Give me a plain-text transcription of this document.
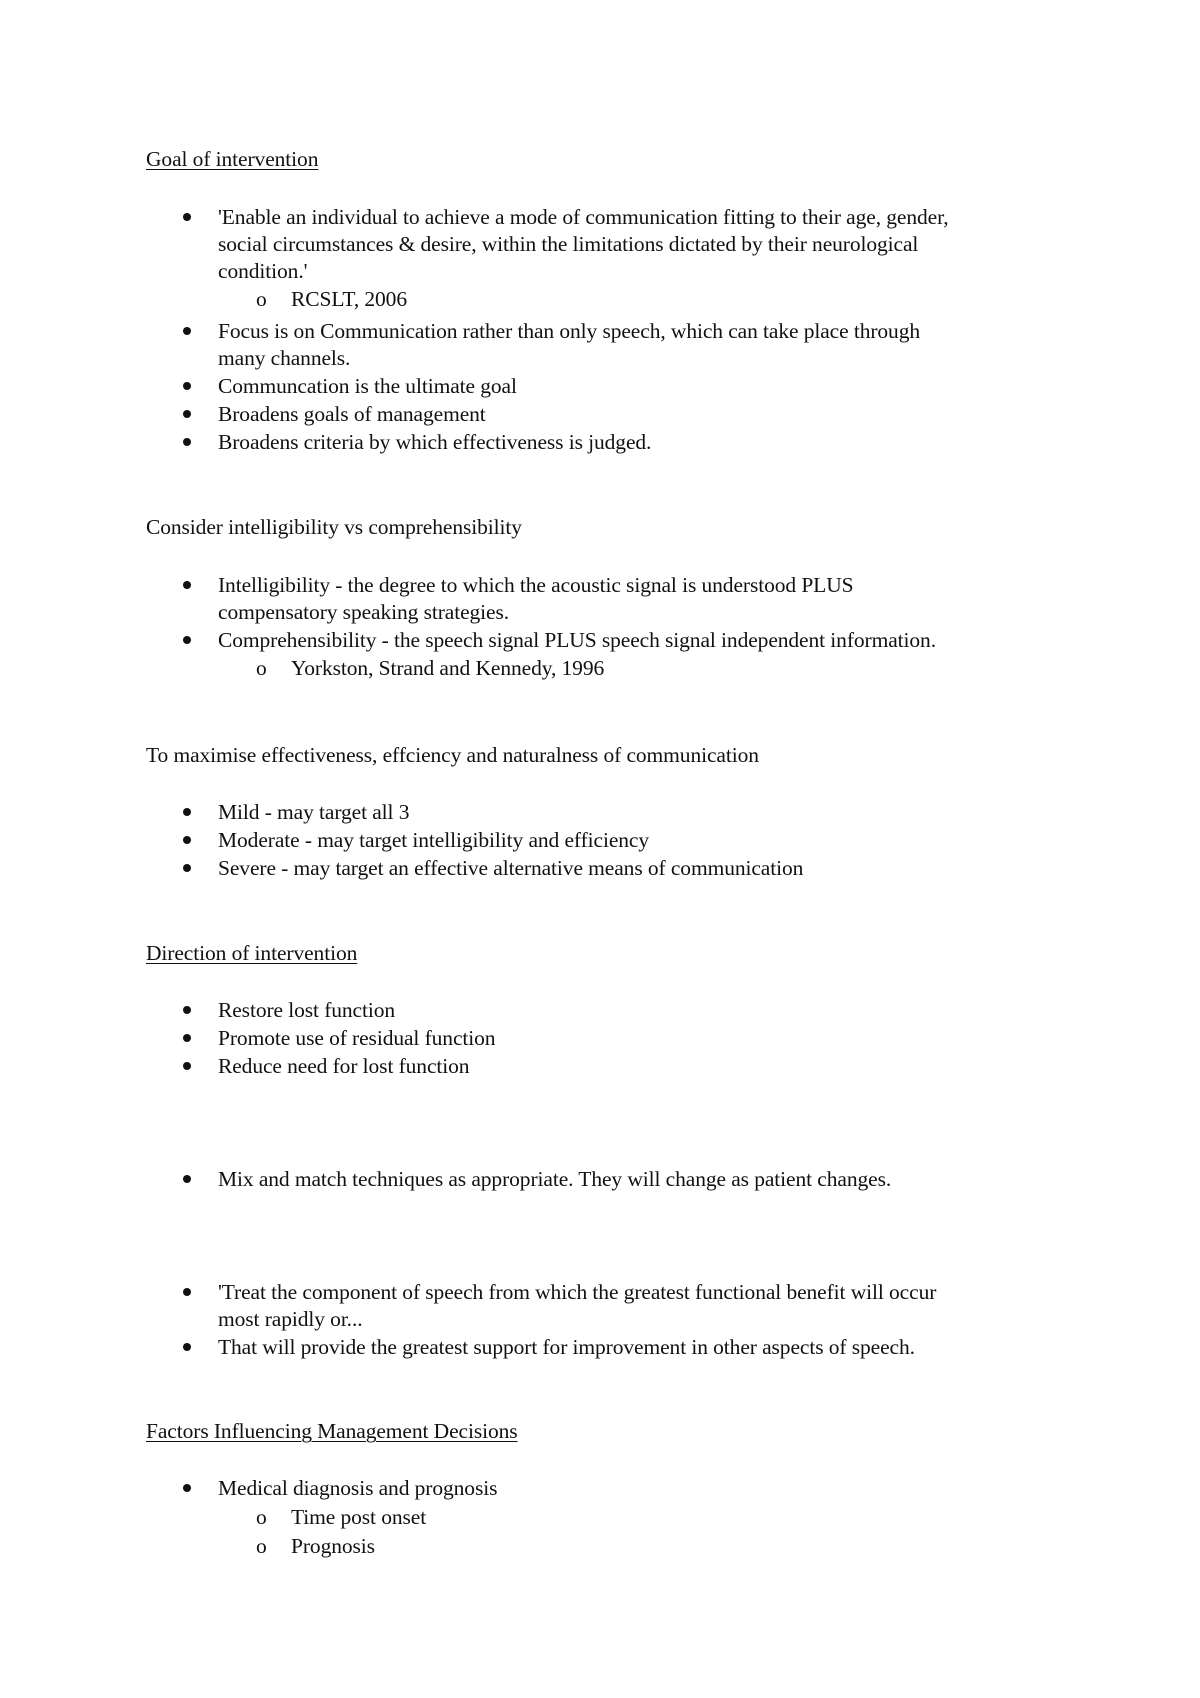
Goal of intervention
'Enable an individual to achieve a mode of communication fitting to their age, gender,
social circumstances & desire, within the limitations dictated by their neurological
condition.'
o RCSLT, 2006
Focus is on Communication rather than only speech, which can take place through
many channels.
Communcation is the ultimate goal
Broadens goals of management
Broadens criteria by which effectiveness is judged.
Consider intelligibility vs comprehensibility
Intelligibility - the degree to which the acoustic signal is understood PLUS
compensatory speaking strategies.
Comprehensibility - the speech signal PLUS speech signal independent information.
o Yorkston, Strand and Kennedy, 1996
To maximise effectiveness, effciency and naturalness of communication
Mild - may target all 3
Moderate - may target intelligibility and efficiency
Severe - may target an effective alternative means of communication
Direction of intervention
Restore lost function
Promote use of residual function
Reduce need for lost function
Mix and match techniques as appropriate. They will change as patient changes.
'Treat the component of speech from which the greatest functional benefit will occur
most rapidly or...
That will provide the greatest support for improvement in other aspects of speech.
Factors Influencing Management Decisions
Medical diagnosis and prognosis
o Time post onset
o Prognosis
